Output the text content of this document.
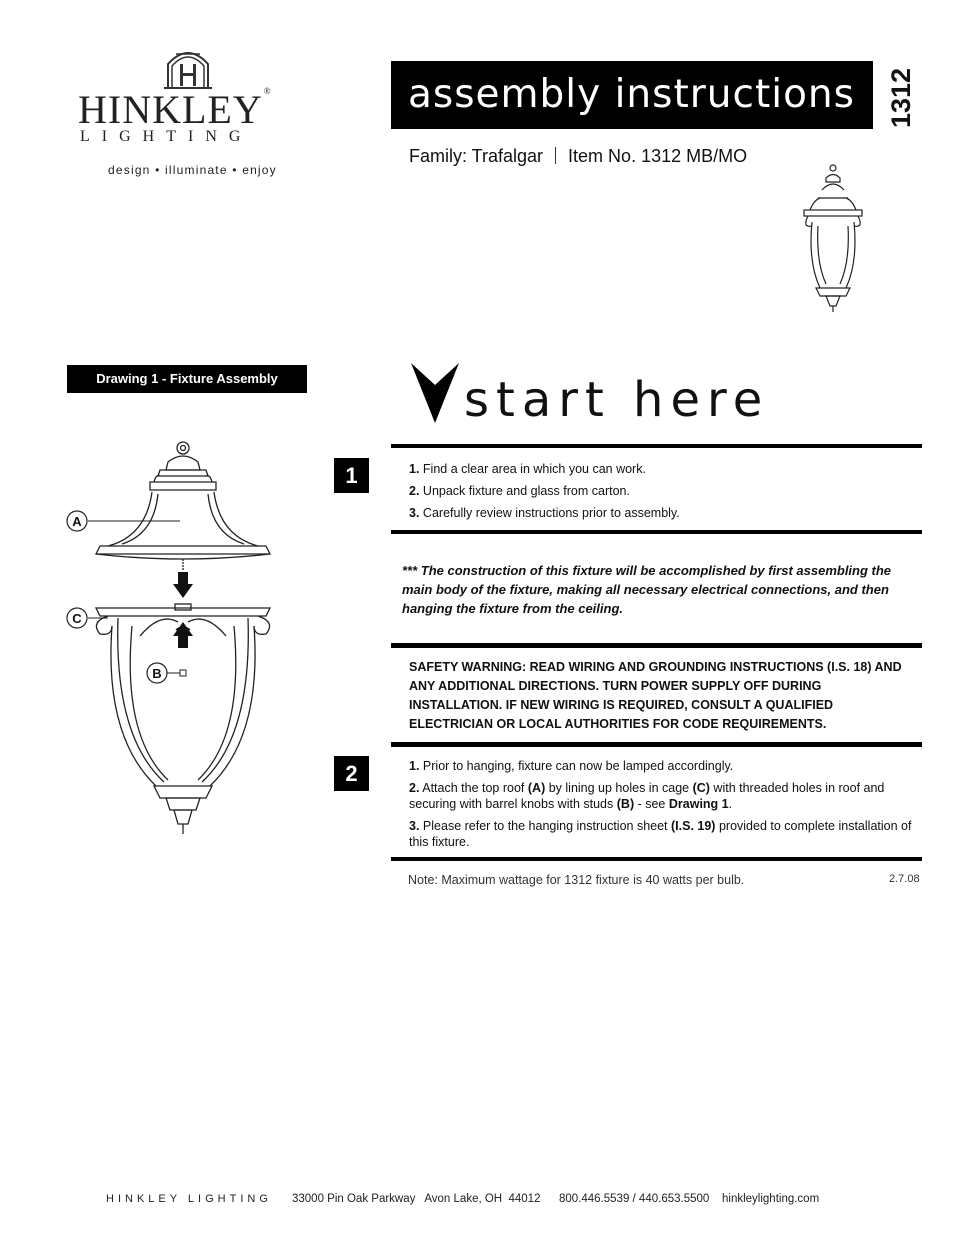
HINKLEY®
LIGHTING
design • illuminate • enjoy
assembly instructions	1312
Family: Trafalgar Item No. 1312 MB/MO
Drawing 1 - Fixture Assembly
A
C
B
start here
1	1. Find a clear area in which you can work.
2. Unpack fixture and glass from carton.
3. Carefully review instructions prior to assembly.
*** The construction of this fixture will be accomplished by first assembling the main body of the fixture, making all necessary electrical connections, and then hanging the fixture from the ceiling.
SAFETY WARNING: READ WIRING AND GROUNDING INSTRUCTIONS (I.S. 18) AND ANY ADDITIONAL DIRECTIONS. TURN POWER SUPPLY OFF DURING INSTALLATION. IF NEW WIRING IS REQUIRED, CONSULT A QUALIFIED ELECTRICIAN OR LOCAL AUTHORITIES FOR CODE REQUIREMENTS.
2	1. Prior to hanging, fixture can now be lamped accordingly.
2. Attach the top roof (A) by lining up holes in cage (C) with threaded holes in roof and securing with barrel knobs with studs (B) - see Drawing 1.
3. Please refer to the hanging instruction sheet (I.S. 19) provided to complete installation of this fixture.
Note: Maximum wattage for 1312 fixture is 40 watts per bulb.	2.7.08
HINKLEY LIGHTING 33000 Pin Oak Parkway   Avon Lake, OH  44012 800.446.5539 / 440.653.5500 hinkleylighting.com
